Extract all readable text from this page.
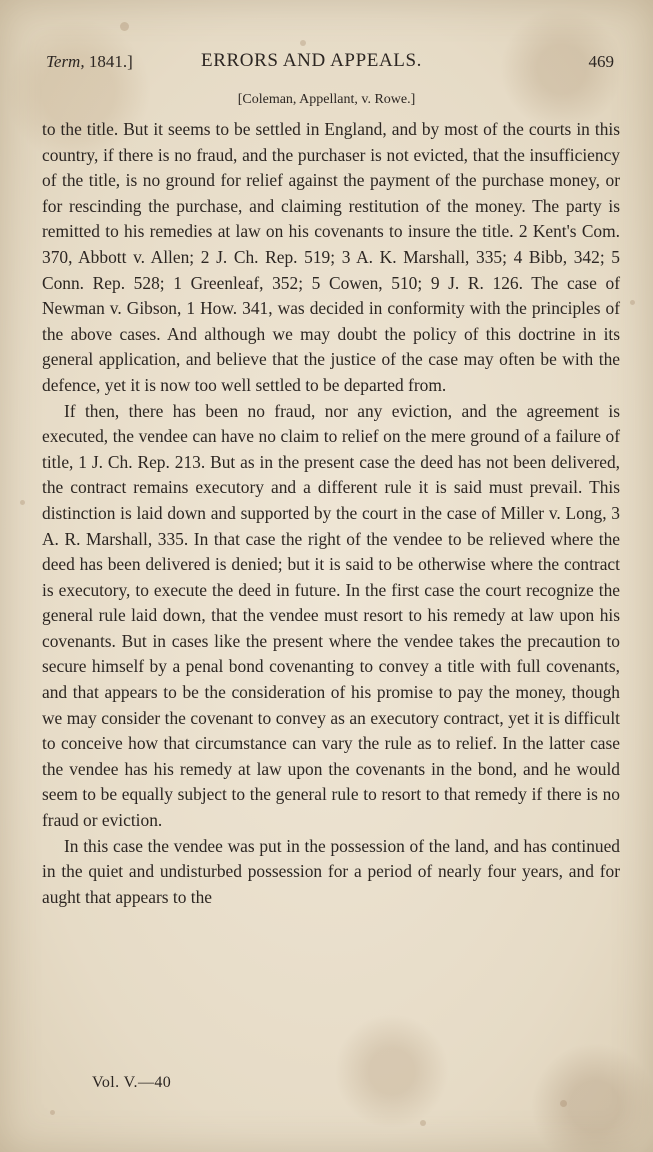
Term, 1841.]	ERRORS AND APPEALS.	469
[Coleman, Appellant, v. Rowe.]

to the title. But it seems to be settled in England, and by most of the courts in this country, if there is no fraud, and the purchaser is not evicted, that the insufficiency of the title, is no ground for relief against the payment of the purchase money, or for rescinding the purchase, and claiming restitution of the money. The party is remitted to his remedies at law on his covenants to insure the title. 2 Kent's Com. 370, Abbott v. Allen; 2 J. Ch. Rep. 519; 3 A. K. Marshall, 335; 4 Bibb, 342; 5 Conn. Rep. 528; 1 Greenleaf, 352; 5 Cowen, 510; 9 J. R. 126. The case of Newman v. Gibson, 1 How. 341, was decided in conformity with the principles of the above cases. And although we may doubt the policy of this doctrine in its general application, and believe that the justice of the case may often be with the defence, yet it is now too well settled to be departed from.

If then, there has been no fraud, nor any eviction, and the agreement is executed, the vendee can have no claim to relief on the mere ground of a failure of title, 1 J. Ch. Rep. 213. But as in the present case the deed has not been delivered, the contract remains executory and a different rule it is said must prevail. This distinction is laid down and supported by the court in the case of Miller v. Long, 3 A. R. Marshall, 335. In that case the right of the vendee to be relieved where the deed has been delivered is denied; but it is said to be otherwise where the contract is executory, to execute the deed in future. In the first case the court recognize the general rule laid down, that the vendee must resort to his remedy at law upon his covenants. But in cases like the present where the vendee takes the precaution to secure himself by a penal bond covenanting to convey a title with full covenants, and that appears to be the consideration of his promise to pay the money, though we may consider the covenant to convey as an executory contract, yet it is difficult to conceive how that circumstance can vary the rule as to relief. In the latter case the vendee has his remedy at law upon the covenants in the bond, and he would seem to be equally subject to the general rule to resort to that remedy if there is no fraud or eviction.

In this case the vendee was put in the possession of the land, and has continued in the quiet and undisturbed possession for a period of nearly four years, and for aught that appears to the

Vol. V.—40
